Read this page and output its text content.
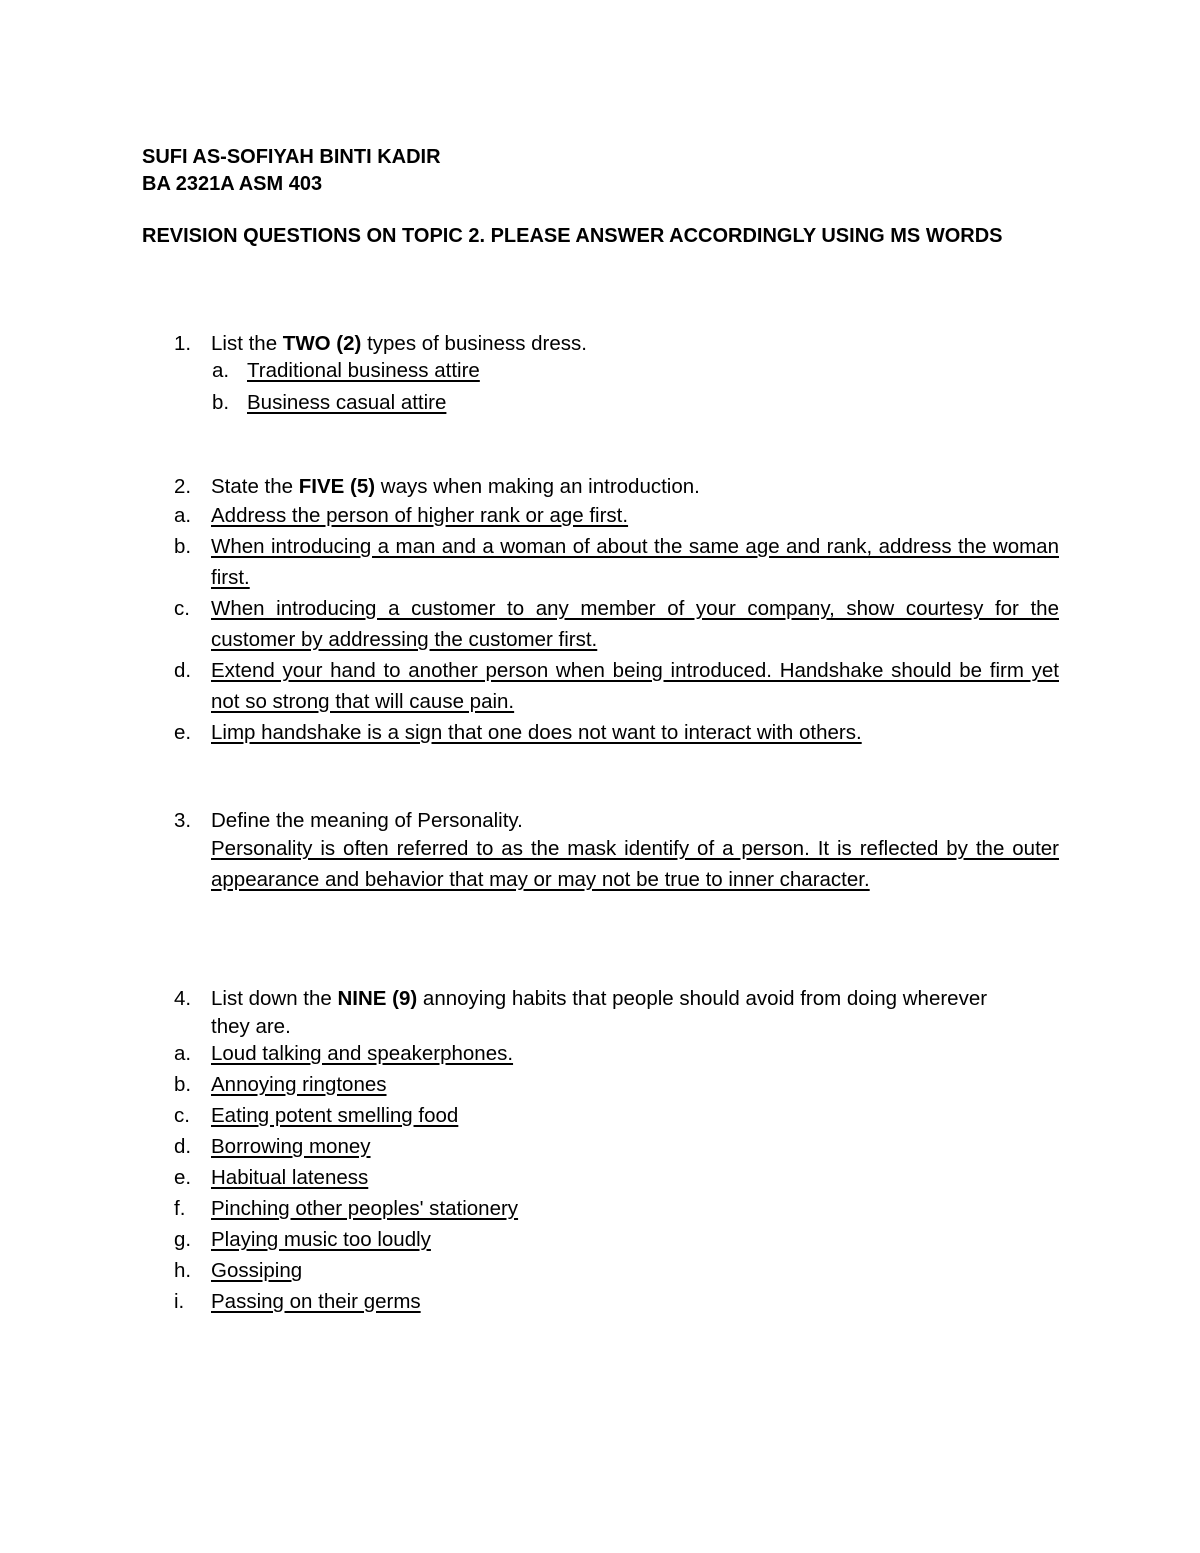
SUFI AS-SOFIYAH BINTI KADIR
BA 2321A ASM 403
REVISION QUESTIONS ON TOPIC 2. PLEASE ANSWER ACCORDINGLY USING MS WORDS
1. List the TWO (2) types of business dress.
a. Traditional business attire
b. Business casual attire
2. State the FIVE (5) ways when making an introduction.
a. Address the person of higher rank or age first.
b. When introducing a man and a woman of about the same age and rank, address the woman first.
c. When introducing a customer to any member of your company, show courtesy for the customer by addressing the customer first.
d. Extend your hand to another person when being introduced. Handshake should be firm yet not so strong that will cause pain.
e. Limp handshake is a sign that one does not want to interact with others.
3. Define the meaning of Personality.
Personality is often referred to as the mask identify of a person. It is reflected by the outer appearance and behavior that may or may not be true to inner character.
4. List down the NINE (9) annoying habits that people should avoid from doing wherever they are.
a. Loud talking and speakerphones.
b. Annoying ringtones
c. Eating potent smelling food
d. Borrowing money
e. Habitual lateness
f. Pinching other peoples' stationery
g. Playing music too loudly
h. Gossiping
i. Passing on their germs
